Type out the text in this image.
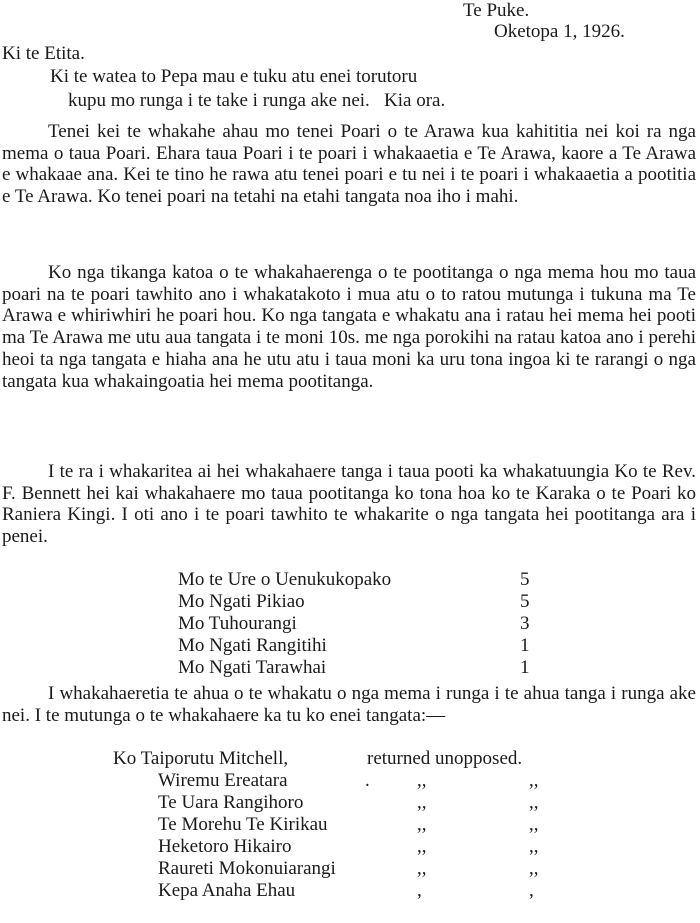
Te Puke.
Oketopa 1, 1926.
Ki te Etita.
Ki te watea to Pepa mau e tuku atu enei torutoru
kupu mo runga i te take i runga ake nei.   Kia ora.
Tenei kei te whakahe ahau mo tenei Poari o te Arawa kua kahititia nei koi ra nga mema o taua Poari. Ehara taua Poari i te poari i whakaaetia e Te Arawa, kaore a Te Arawa e whakaae ana. Kei te tino he rawa atu tenei poari e tu nei i te poari i whakaaetia a pootitia e Te Arawa. Ko tenei poari na tetahi na etahi tangata noa iho i mahi.
Ko nga tikanga katoa o te whakahaerenga o te pootitanga o nga mema hou mo taua poari na te poari tawhito ano i whakatakoto i mua atu o to ratou mutunga i tukuna ma Te Arawa e whiriwhiri he poari hou. Ko nga tangata e whakatu ana i ratau hei mema hei pooti ma Te Arawa me utu aua tangata i te moni 10s. me nga porokihi na ratau katoa ano i perehi heoi ta nga tangata e hiaha ana he utu atu i taua moni ka uru tona ingoa ki te rarangi o nga tangata kua whakaingoatia hei mema pootitanga.
I te ra i whakaritea ai hei whakahaere tanga i taua pooti ka whakatuungia Ko te Rev. F. Bennett hei kai whakahaere mo taua pootitanga ko tona hoa ko te Karaka o te Poari ko Raniera Kingi. I oti ano i te poari tawhito te whakarite o nga tangata hei pootitanga ara i penei.
Mo te Ure o Uenukukopako	5
Mo Ngati Pikiao	5
Mo Tuhourangi	3
Mo Ngati Rangitihi	1
Mo Ngati Tarawhai	1
I whakahaeretia te ahua o te whakatu o nga mema i runga i te ahua tanga i runga ake nei. I te mutunga o te whakahaere ka tu ko enei tangata:—
Ko Taiporutu Mitchell,	returned unopposed.
Wiremu Ereatara	. ,,	,,
Te Uara Rangihoro	,,	,,
Te Morehu Te Kirikau	,,	,,
Heketoro Hikairo	,,	,,
Raureti Mokonuiarangi	,,	,,
Kepa Anaha Ehau	,	,
